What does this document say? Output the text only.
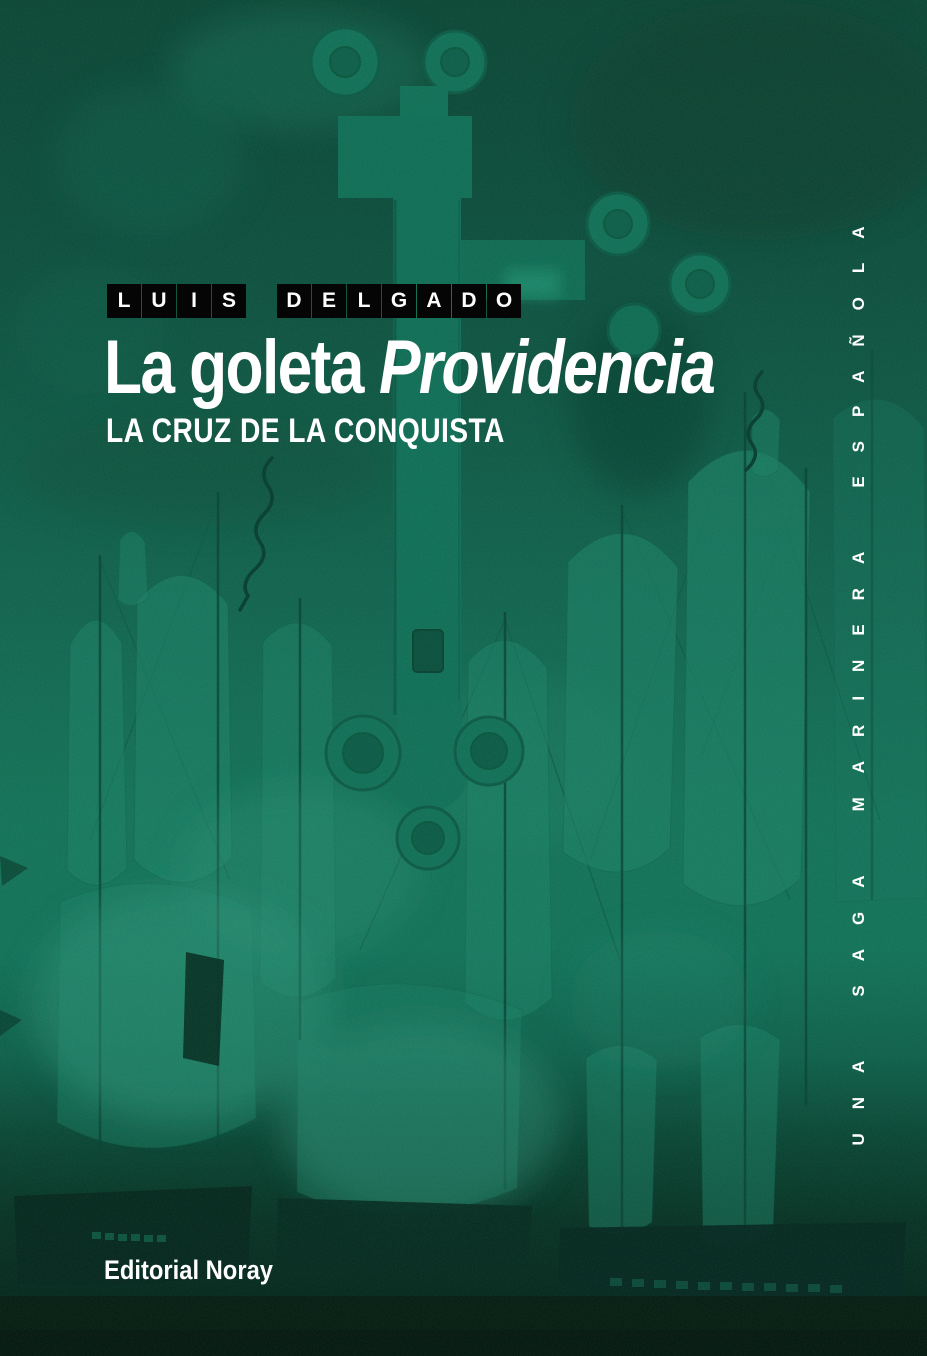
L	U	I	S	D E	L G A D O
La goleta Providencia
LA CRUZ DE LA CONQUISTA	UNA SAGA MARINERA ESPAÑOLA
Editorial Noray
